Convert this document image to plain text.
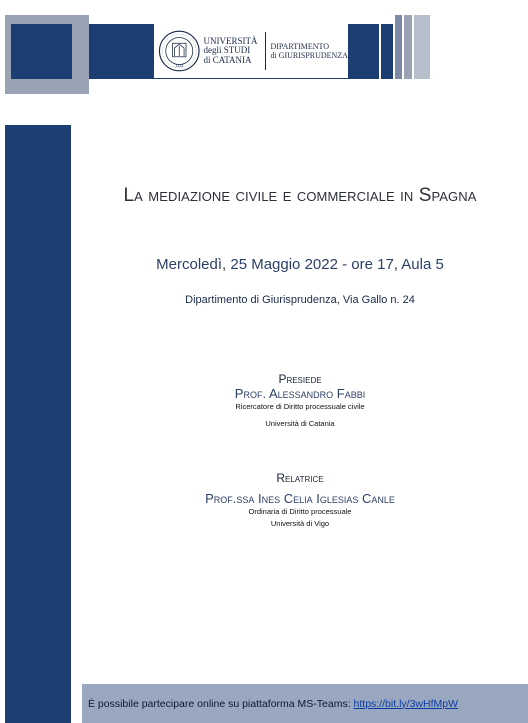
1434
UNIVERSITÀ
degli STUDI
di CATANIA
DIPARTIMENTO
di GIURISPRUDENZA
La mediazione civile e commerciale in Spagna
Mercoledì, 25 Maggio 2022 - ore 17, Aula 5
Dipartimento di Giurisprudenza, Via Gallo n. 24
Presiede
Prof. Alessandro Fabbi
Ricercatore di Diritto processuale civile
Università di Catania
Relatrice
Prof.ssa Ines Celia Iglesias Canle
Ordinaria di Diritto processuale
Università di Vigo
È possibile partecipare online su piattaforma MS-Teams: https://bit.ly/3wHfMpW
